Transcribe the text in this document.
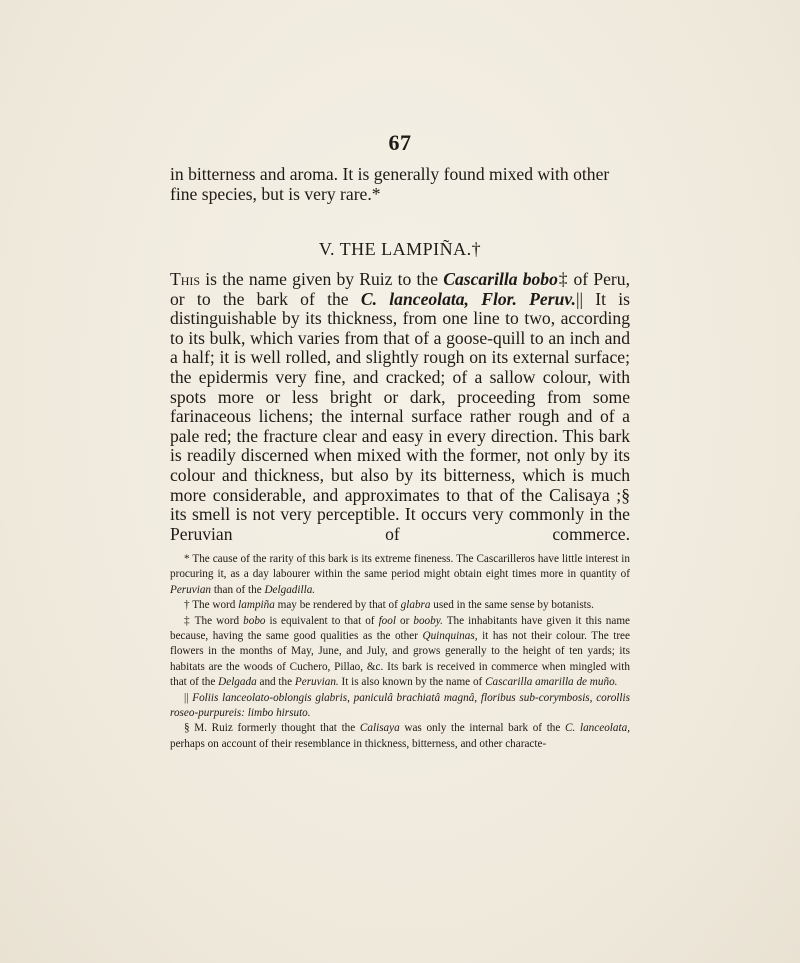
67

in bitterness and aroma. It is generally found mixed with other

fine species, but is very rare.*

V. THE LAMPIÑA.†

This is the name given by Ruiz to the Cascarilla bobo‡ of Peru, or to the bark of the C. lanceolata, Flor. Peruv.|| It is distinguishable by its thickness, from one line to two, according to its bulk, which varies from that of a goose-quill to an inch and a half; it is well rolled, and slightly rough on its external surface; the epidermis very fine, and cracked; of a sallow colour, with spots more or less bright or dark, proceeding from some farinaceous lichens; the internal surface rather rough and of a pale red; the fracture clear and easy in every direction. This bark is readily discerned when mixed with the former, not only by its colour and thickness, but also by its bitterness, which is much more considerable, and approximates to that of the Calisaya ;§ its smell is not very perceptible. It occurs very commonly in the Peruvian of commerce.

* The cause of the rarity of this bark is its extreme fineness. The Cascarilleros have little interest in procuring it, as a day labourer within the same period might obtain eight times more in quantity of Peruvian than of the Delgadilla.

† The word lampiña may be rendered by that of glabra used in the same sense by botanists.

‡ The word bobo is equivalent to that of fool or booby. The inhabitants have given it this name because, having the same good qualities as the other Quinquinas, it has not their colour. The tree flowers in the months of May, June, and July, and grows generally to the height of ten yards; its habitats are the woods of Cuchero, Pillao, &c. Its bark is received in commerce when mingled with that of the Delgada and the Peruvian. It is also known by the name of Cascarilla amarilla de muño.

|| Foliis lanceolato-oblongis glabris, paniculâ brachiatâ magnâ, floribus sub-corymbosis, corollis roseo-purpureis: limbo hirsuto.

§ M. Ruiz formerly thought that the Calisaya was only the internal bark of the C. lanceolata, perhaps on account of their resemblance in thickness, bitterness, and other characte-
